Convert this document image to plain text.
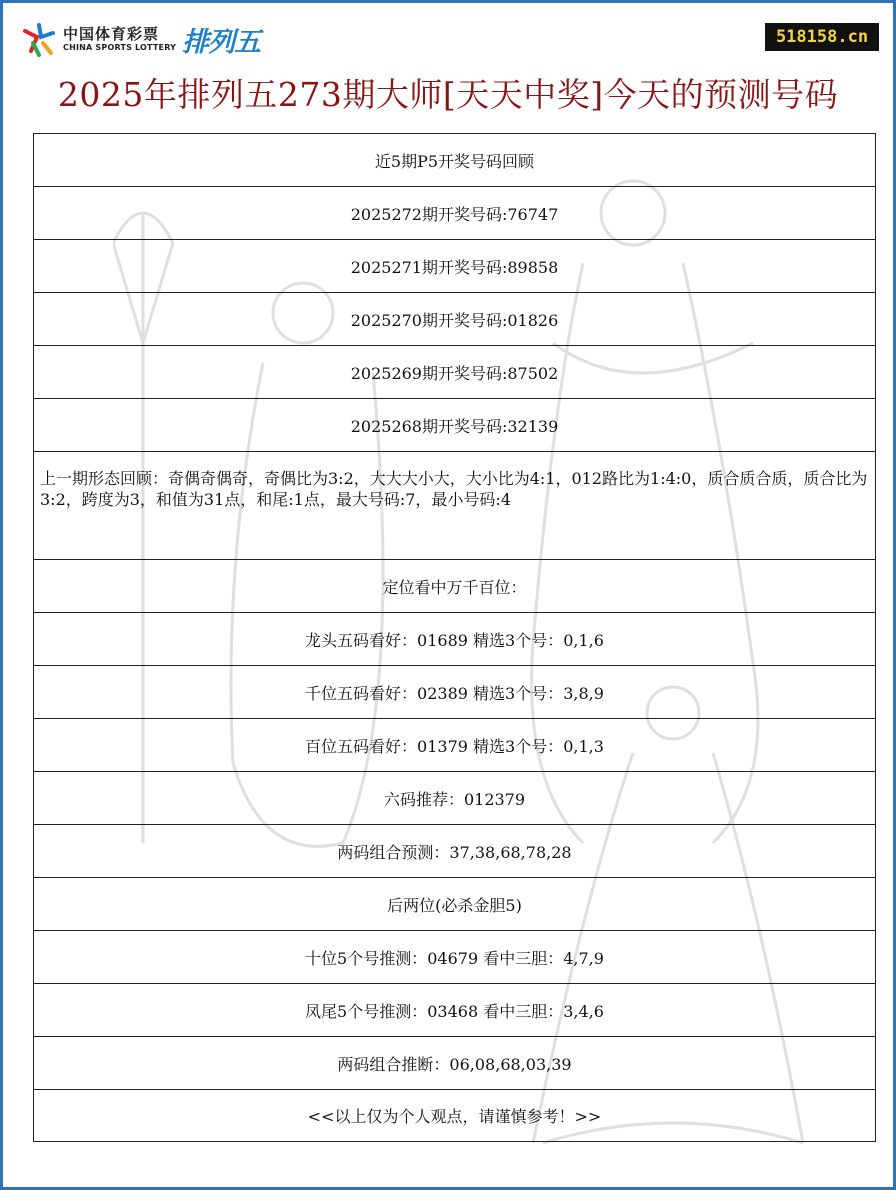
中国体育彩票
CHINA SPORTS LOTTERY 排列五	518158.cn
2025年排列五273期大师[天天中奖]今天的预测号码
近5期P5开奖号码回顾
2025272期开奖号码:76747
2025271期开奖号码:89858
2025270期开奖号码:01826
2025269期开奖号码:87502
2025268期开奖号码:32139
上一期形态回顾：奇偶奇偶奇，奇偶比为3:2，大大大小大，大小比为4:1，012路比为1:4:0，质合质合质，质合比为3:2，跨度为3，和值为31点，和尾:1点，最大号码:7，最小号码:4
定位看中万千百位：
龙头五码看好：01689 精选3个号：0,1,6
千位五码看好：02389 精选3个号：3,8,9
百位五码看好：01379 精选3个号：0,1,3
六码推荐：012379
两码组合预测：37,38,68,78,28
后两位(必杀金胆5)
十位5个号推测：04679 看中三胆：4,7,9
凤尾5个号推测：03468 看中三胆：3,4,6
两码组合推断：06,08,68,03,39
<<以上仅为个人观点，请谨慎参考！>>
